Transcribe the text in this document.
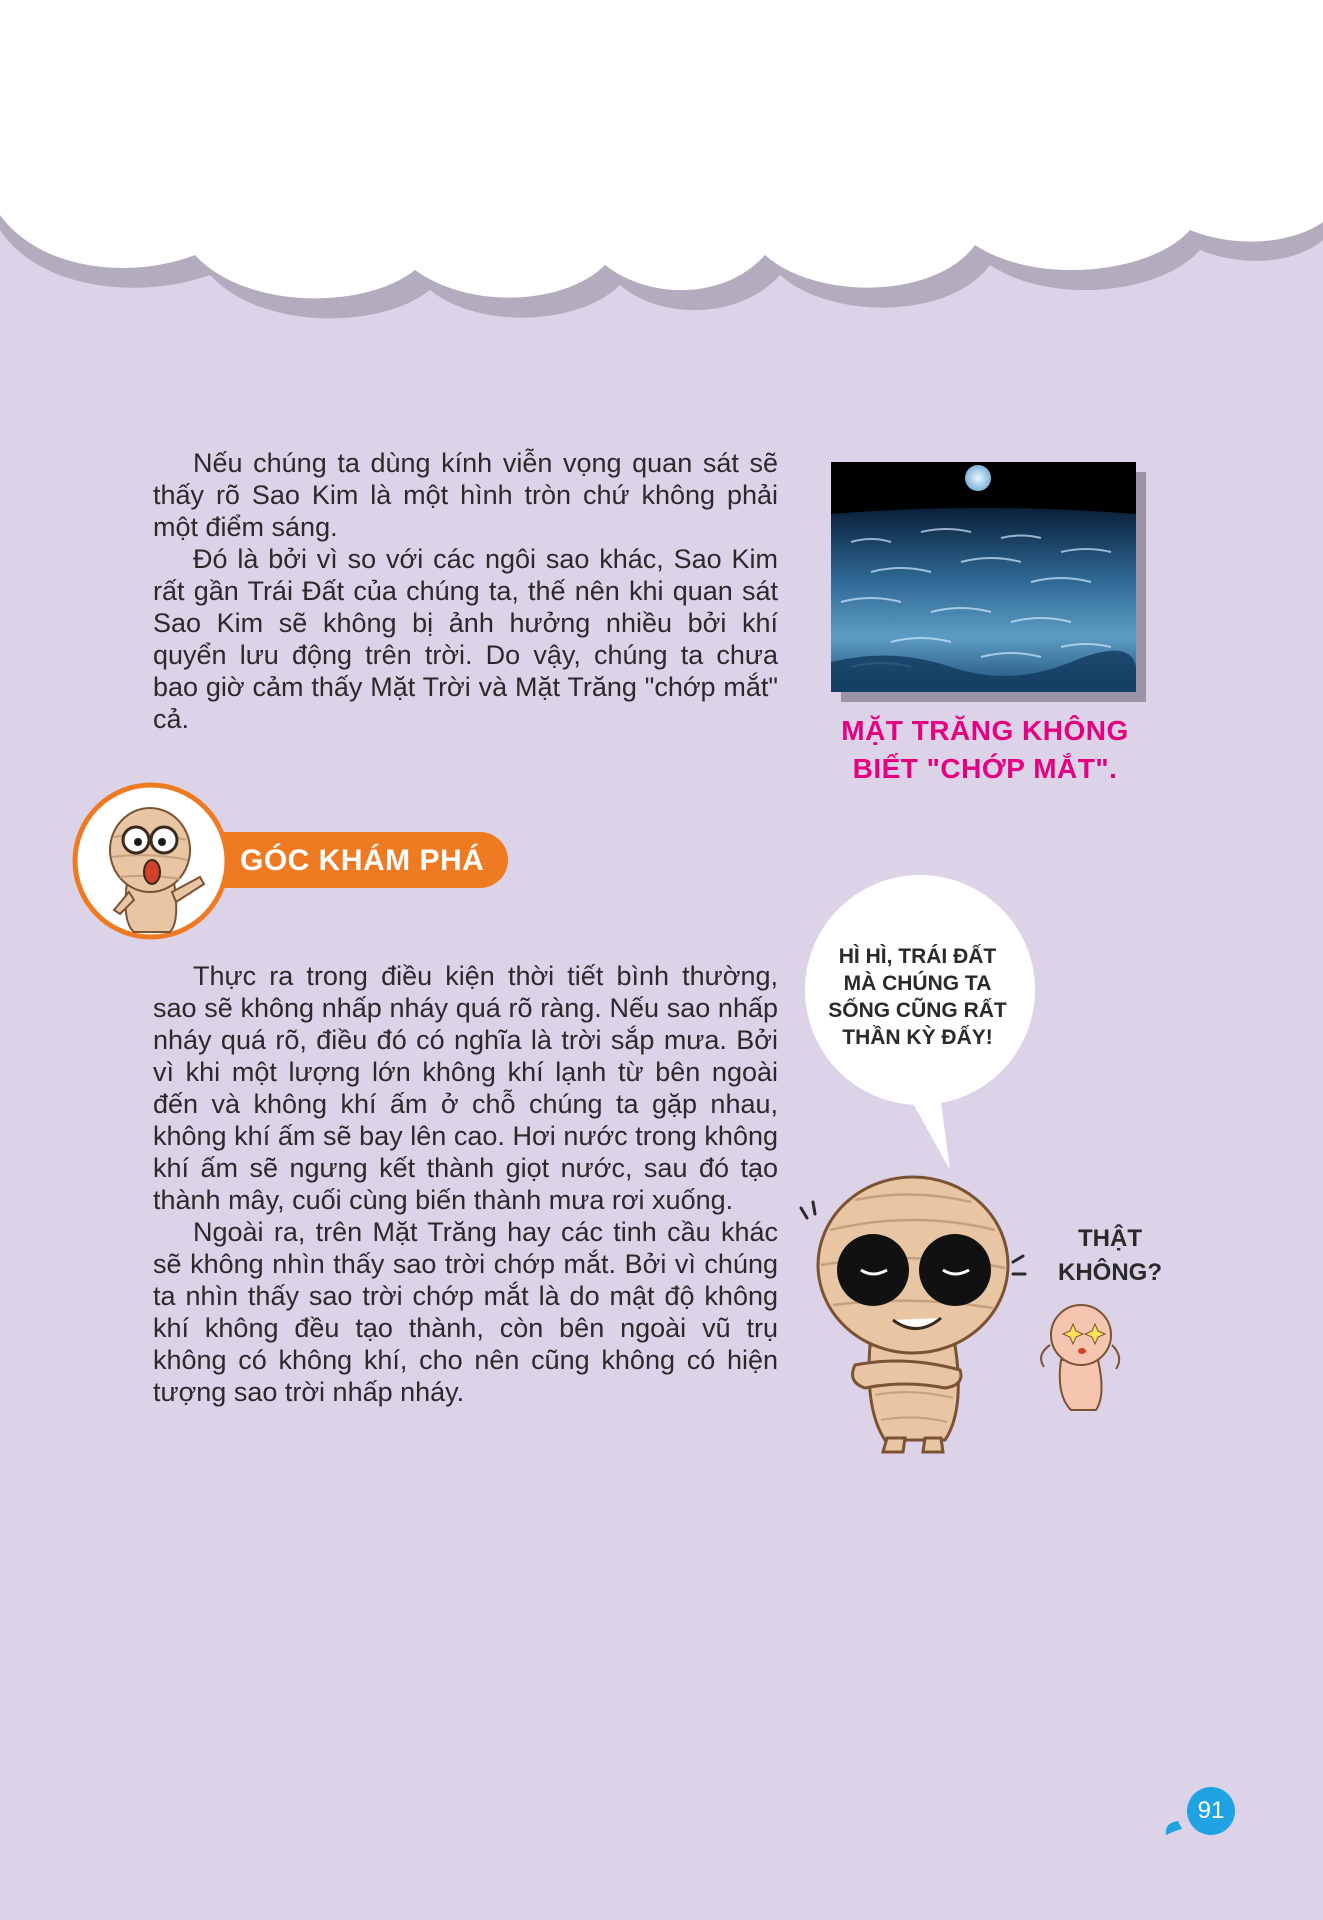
Nếu chúng ta dùng kính viễn vọng quan sát sẽ thấy rõ Sao Kim là một hình tròn chứ không phải một điểm sáng.

Đó là bởi vì so với các ngôi sao khác, Sao Kim rất gần Trái Đất của chúng ta, thế nên khi quan sát Sao Kim sẽ không bị ảnh hưởng nhiều bởi khí quyển lưu động trên trời. Do vậy, chúng ta chưa bao giờ cảm thấy Mặt Trời và Mặt Trăng "chớp mắt" cả.	MẶT TRĂNG KHÔNG
BIẾT "CHỚP MẮT".
GÓC KHÁM PHÁ

Thực ra trong điều kiện thời tiết bình thường, sao sẽ không nhấp nháy quá rõ ràng. Nếu sao nhấp nháy quá rõ, điều đó có nghĩa là trời sắp mưa. Bởi vì khi một lượng lớn không khí lạnh từ bên ngoài đến và không khí ấm ở chỗ chúng ta gặp nhau, không khí ấm sẽ bay lên cao. Hơi nước trong không khí ấm sẽ ngưng kết thành giọt nước, sau đó tạo thành mây, cuối cùng biến thành mưa rơi xuống.

Ngoài ra, trên Mặt Trăng hay các tinh cầu khác sẽ không nhìn thấy sao trời chớp mắt. Bởi vì chúng ta nhìn thấy sao trời chớp mắt là do mật độ không khí không đều tạo thành, còn bên ngoài vũ trụ không có không khí, cho nên cũng không có hiện tượng sao trời nhấp nháy.

HÌ HÌ, TRÁI ĐẤT
MÀ CHÚNG TA
SỐNG CŨNG RẤT
THẦN KỲ ĐẤY!
THẬT
KHÔNG?
91
